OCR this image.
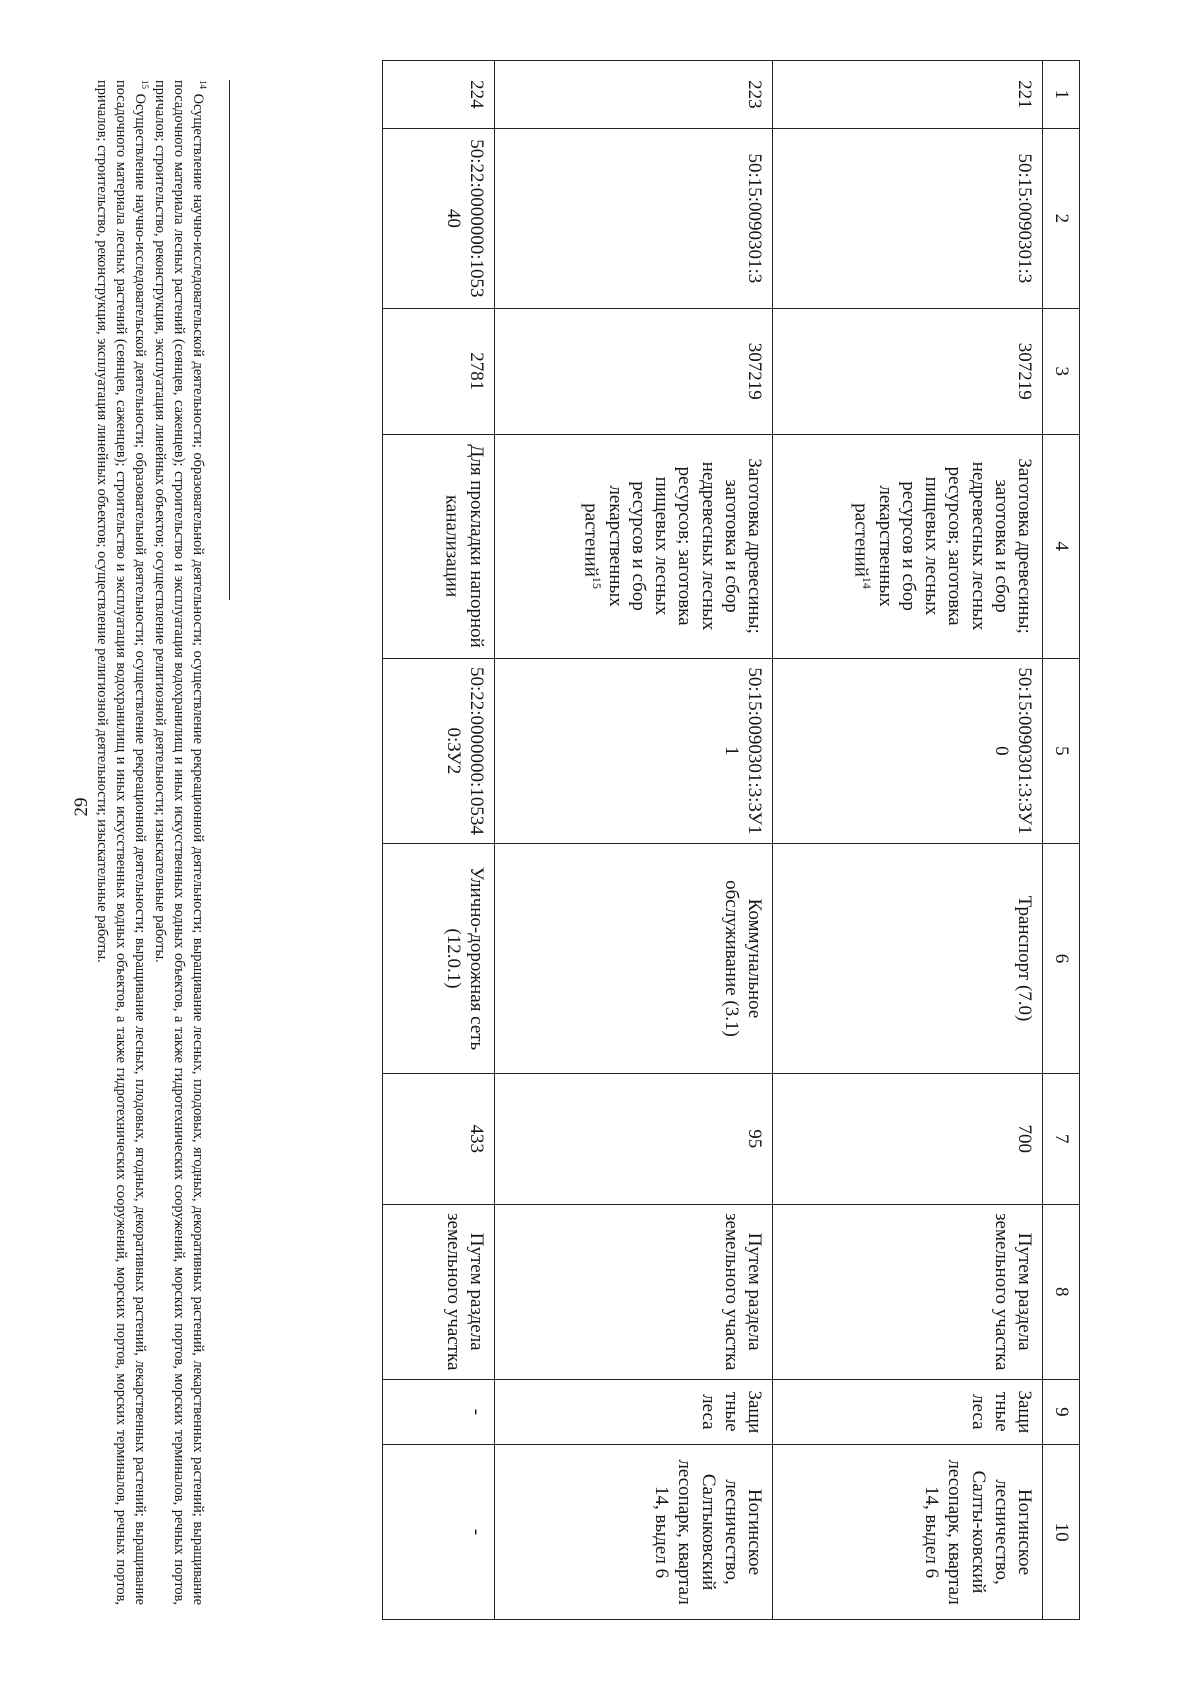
29
1	2	3	4	5	6	7	8	9	10
221	50:15:0090301:3	307219	Заготовка древесины; заготовка и сбор недревесных лесных ресурсов; заготовка пищевых лесных ресурсов и сбор лекарственных растений$^{14}$	50:15:0090301:3:ЗУ10	Транспорт (7.0)	700	Путем раздела земельного участка	Защитные леса	Ногинское лесничество, Салты-ковский лесопарк, квартал 14, выдел 6
223	50:15:0090301:3	307219	Заготовка древесины; заготовка и сбор недревесных лесных ресурсов; заготовка пищевых лесных ресурсов и сбор лекарственных растений$^{15}$	50:15:0090301:3:ЗУ11	Коммунальное обслуживание (3.1)	95	Путем раздела земельного участка	Защитные леса	Ногинское лесничество, Салтыковский лесопарк, квартал 14, выдел 6
224	50:22:0000000:105340	2781	Для прокладки напорной канализации	50:22:0000000:105340:ЗУ2	Улично-дорожная сеть (12.0.1)	433	Путем раздела земельного участка	-	-

$^{14}$ Осуществление научно-исследовательской деятельности; образовательной деятельности; осуществление рекреационной деятельности; выращивание лесных, плодовых, ягодных, декоративных растений, лекарственных растений; выращивание посадочного материала лесных растений (сеянцев, саженцев); строительство и эксплуатация водохранилищ и иных искусственных водных объектов, а также гидротехнических сооружений, морских портов, морских терминалов, речных портов, причалов; строительство, реконструкция, эксплуатация линейных объектов; осуществление религиозной деятельности; изыскательные работы.

$^{15}$ Осуществление научно-исследовательской деятельности; образовательной деятельности; осуществление рекреационной деятельности; выращивание лесных, плодовых, ягодных, декоративных растений, лекарственных растений; выращивание посадочного материала лесных растений (сеянцев, саженцев); строительство и эксплуатация водохранилищ и иных искусственных водных объектов, а также гидротехнических сооружений, морских портов, морских терминалов, речных портов, причалов; строительство, реконструкция, эксплуатация линейных объектов; осуществление религиозной деятельности; изыскательные работы.
